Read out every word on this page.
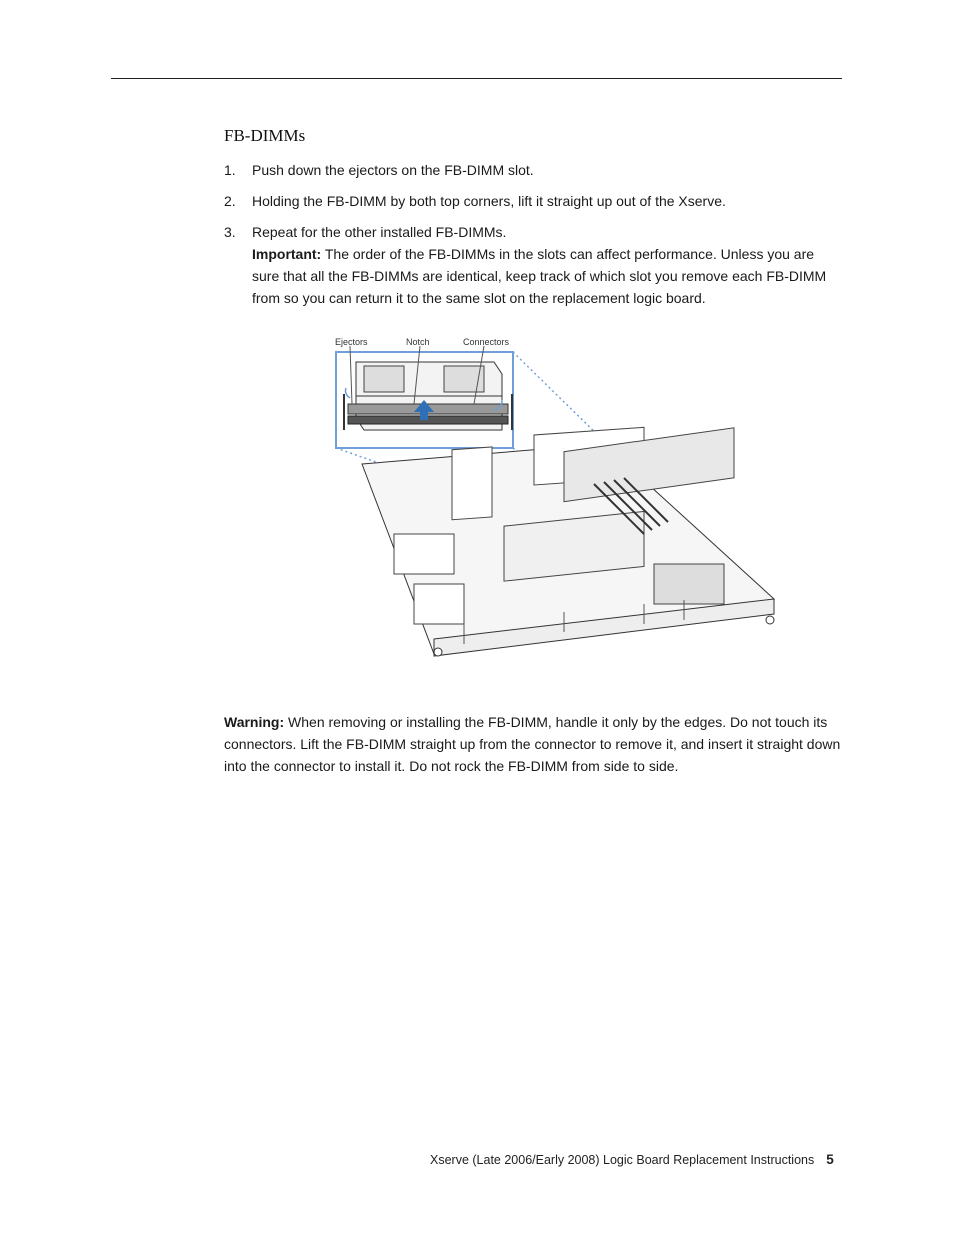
FB-DIMMs
1.	Push down the ejectors on the FB-DIMM slot.
2.	Holding the FB-DIMM by both top corners, lift it straight up out of the Xserve.
3.	Repeat for the other installed FB-DIMMs.
Important: The order of the FB-DIMMs in the slots can affect performance. Unless you are sure that all the FB-DIMMs are identical, keep track of which slot you remove each FB-DIMM from so you can return it to the same slot on the replacement logic board.
Ejectors	Notch	Connectors
Warning: When removing or installing the FB-DIMM, handle it only by the edges. Do not touch its connectors. Lift the FB-DIMM straight up from the connector to remove it, and insert it straight down into the connector to install it. Do not rock the FB-DIMM from side to side.
Xserve (Late 2006/Early 2008) Logic Board Replacement Instructions 5
